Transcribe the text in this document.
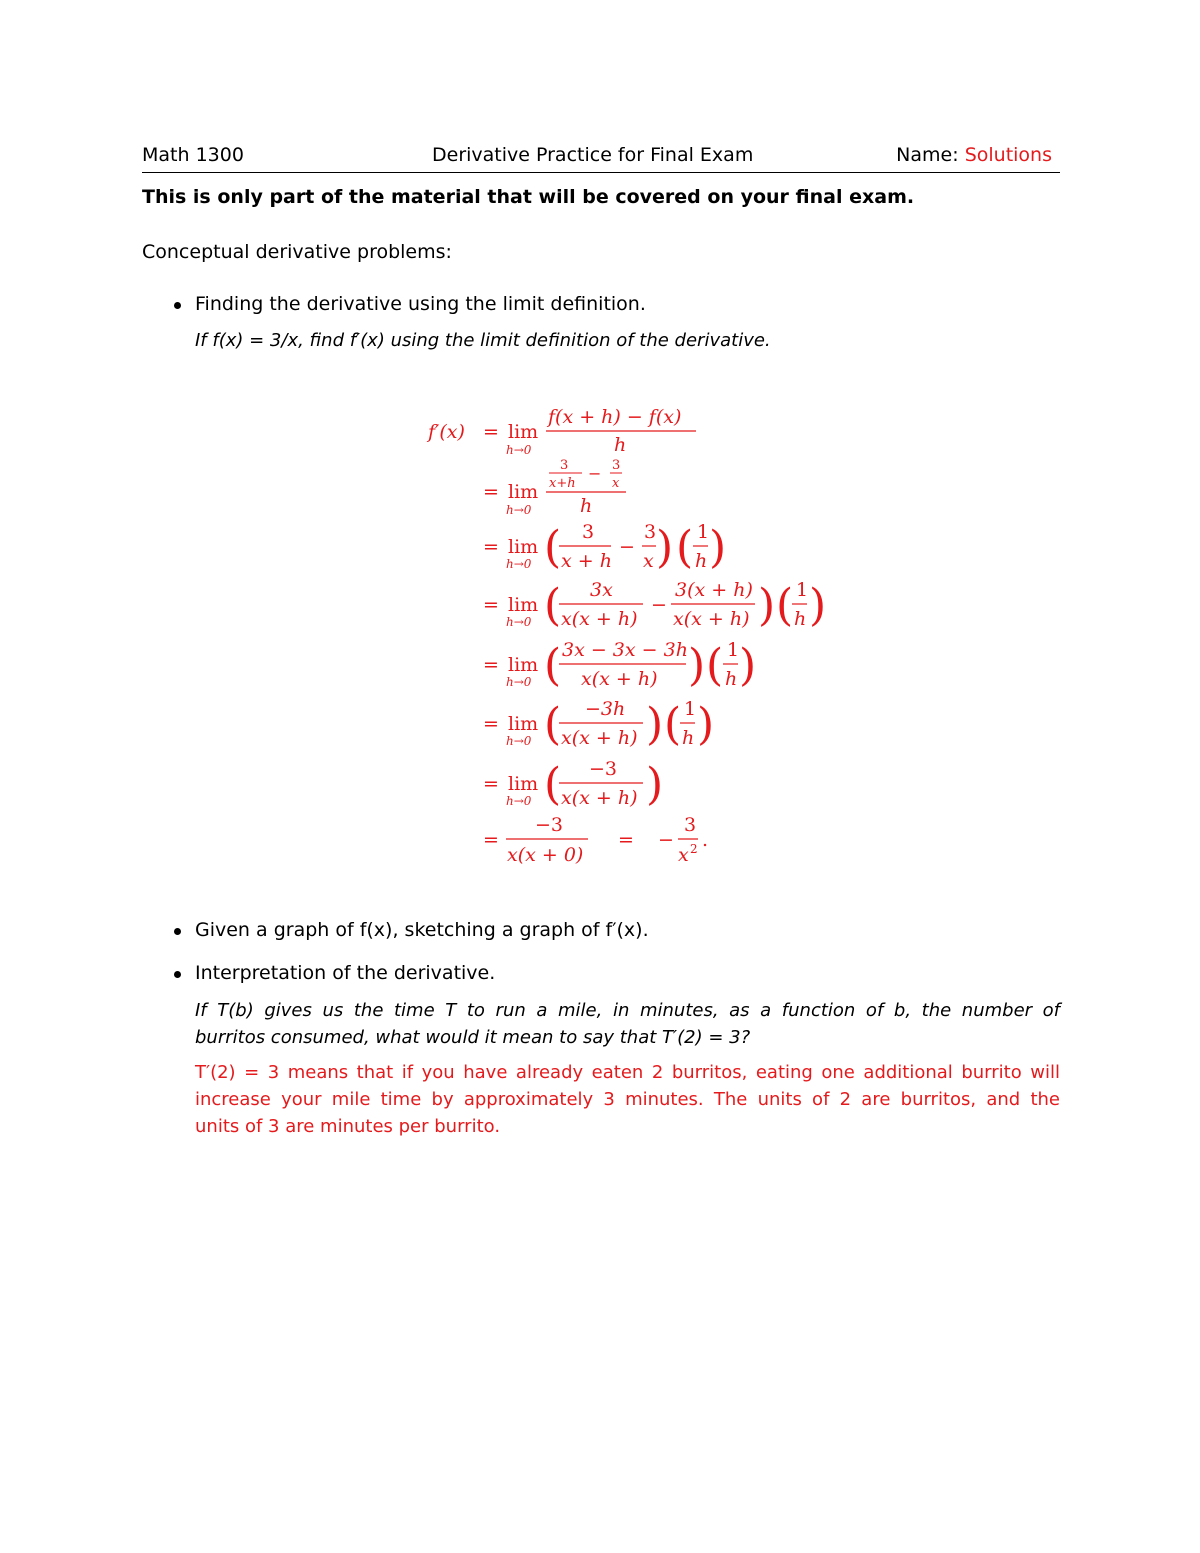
Math 1300	Derivative Practice for Final Exam	Name: Solutions
This is only part of the material that will be covered on your final exam.
Conceptual derivative problems:
Finding the derivative using the limit definition.
If f(x) = 3/x, find f′(x) using the limit definition of the derivative.
f′(x) = lim
h→0
f(x + h) − f(x)
h
= lim
h→0
3
x+h
− 3
x
h
= lim
h→0 ( 3
x + h
−
3
x ) ( 1
h )
= lim
h→0 ( 3x
x(x + h)
−
3(x + h)
x(x + h) ) ( 1
h )
= lim
h→0 ( 3x − 3x − 3h
x(x + h) ) ( 1
h )
= lim
h→0 ( −3h
x(x + h) ) ( 1
h )
= lim
h→0 ( −3
x(x + h) )
=
−3
x(x + 0)
= −
3
x 2 .
Given a graph of f(x), sketching a graph of f′(x).
Interpretation of the derivative.
If T(b) gives us the time T to run a mile, in minutes, as a function of b, the number of
burritos consumed, what would it mean to say that T′(2) = 3?
T′(2) = 3 means that if you have already eaten 2 burritos, eating one additional burrito will
increase your mile time by approximately 3 minutes. The units of 2 are burritos, and the
units of 3 are minutes per burrito.
